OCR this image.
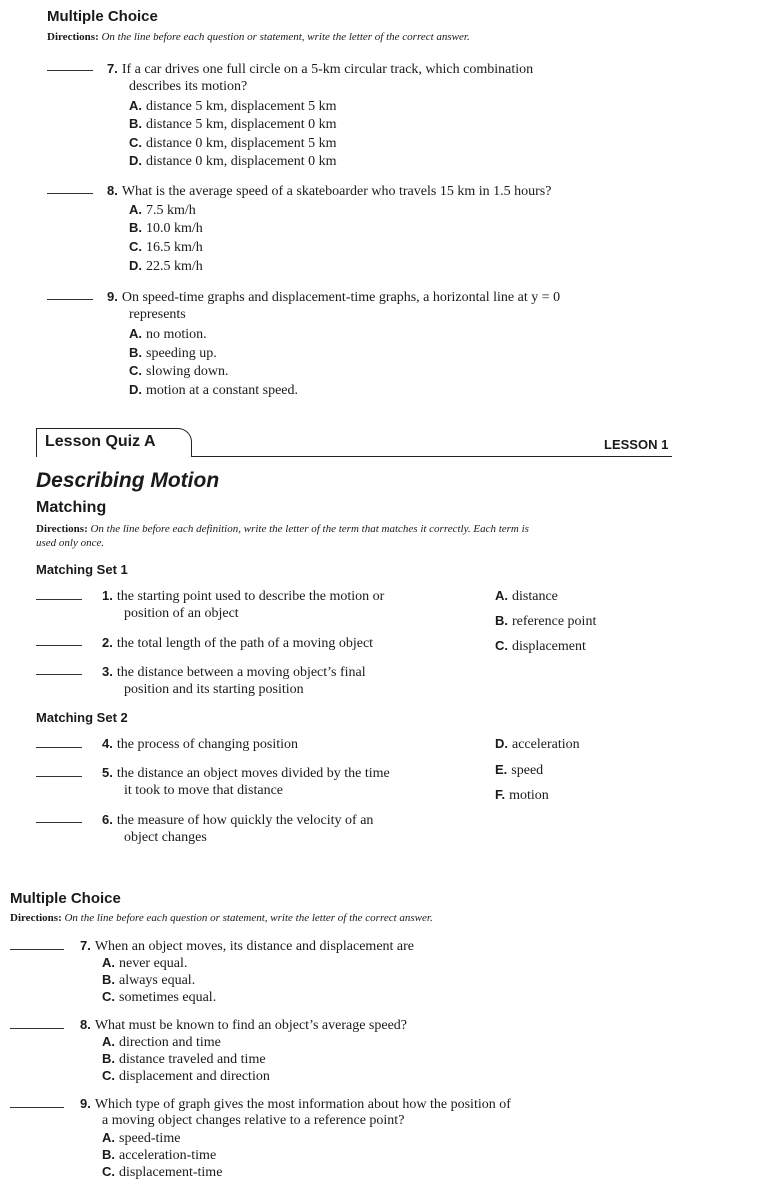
Multiple Choice
Directions: On the line before each question or statement, write the letter of the correct answer.
7. If a car drives one full circle on a 5-km circular track, which combination
describes its motion?
A. distance 5 km, displacement 5 km
B. distance 5 km, displacement 0 km
C. distance 0 km, displacement 5 km
D. distance 0 km, displacement 0 km
8. What is the average speed of a skateboarder who travels 15 km in 1.5 hours?
A. 7.5 km/h
B. 10.0 km/h
C. 16.5 km/h
D. 22.5 km/h
9. On speed-time graphs and displacement-time graphs, a horizontal line at y = 0
represents
A. no motion.
B. speeding up.
C. slowing down.
D. motion at a constant speed.
Lesson Quiz A	LESSON 1
Describing Motion
Matching
Directions: On the line before each definition, write the letter of the term that matches it correctly. Each term is
used only once.
Matching Set 1
1. the starting point used to describe the motion or
position of an object
2. the total length of the path of a moving object
3. the distance between a moving object’s final
position and its starting position
A. distance
B. reference point
C. displacement
Matching Set 2
4. the process of changing position
5. the distance an object moves divided by the time
it took to move that distance
6. the measure of how quickly the velocity of an
object changes
D. acceleration
E. speed
F. motion
Multiple Choice
Directions: On the line before each question or statement, write the letter of the correct answer.
7. When an object moves, its distance and displacement are
A. never equal.
B. always equal.
C. sometimes equal.
8. What must be known to find an object’s average speed?
A. direction and time
B. distance traveled and time
C. displacement and direction
9. Which type of graph gives the most information about how the position of
a moving object changes relative to a reference point?
A. speed-time
B. acceleration-time
C. displacement-time
